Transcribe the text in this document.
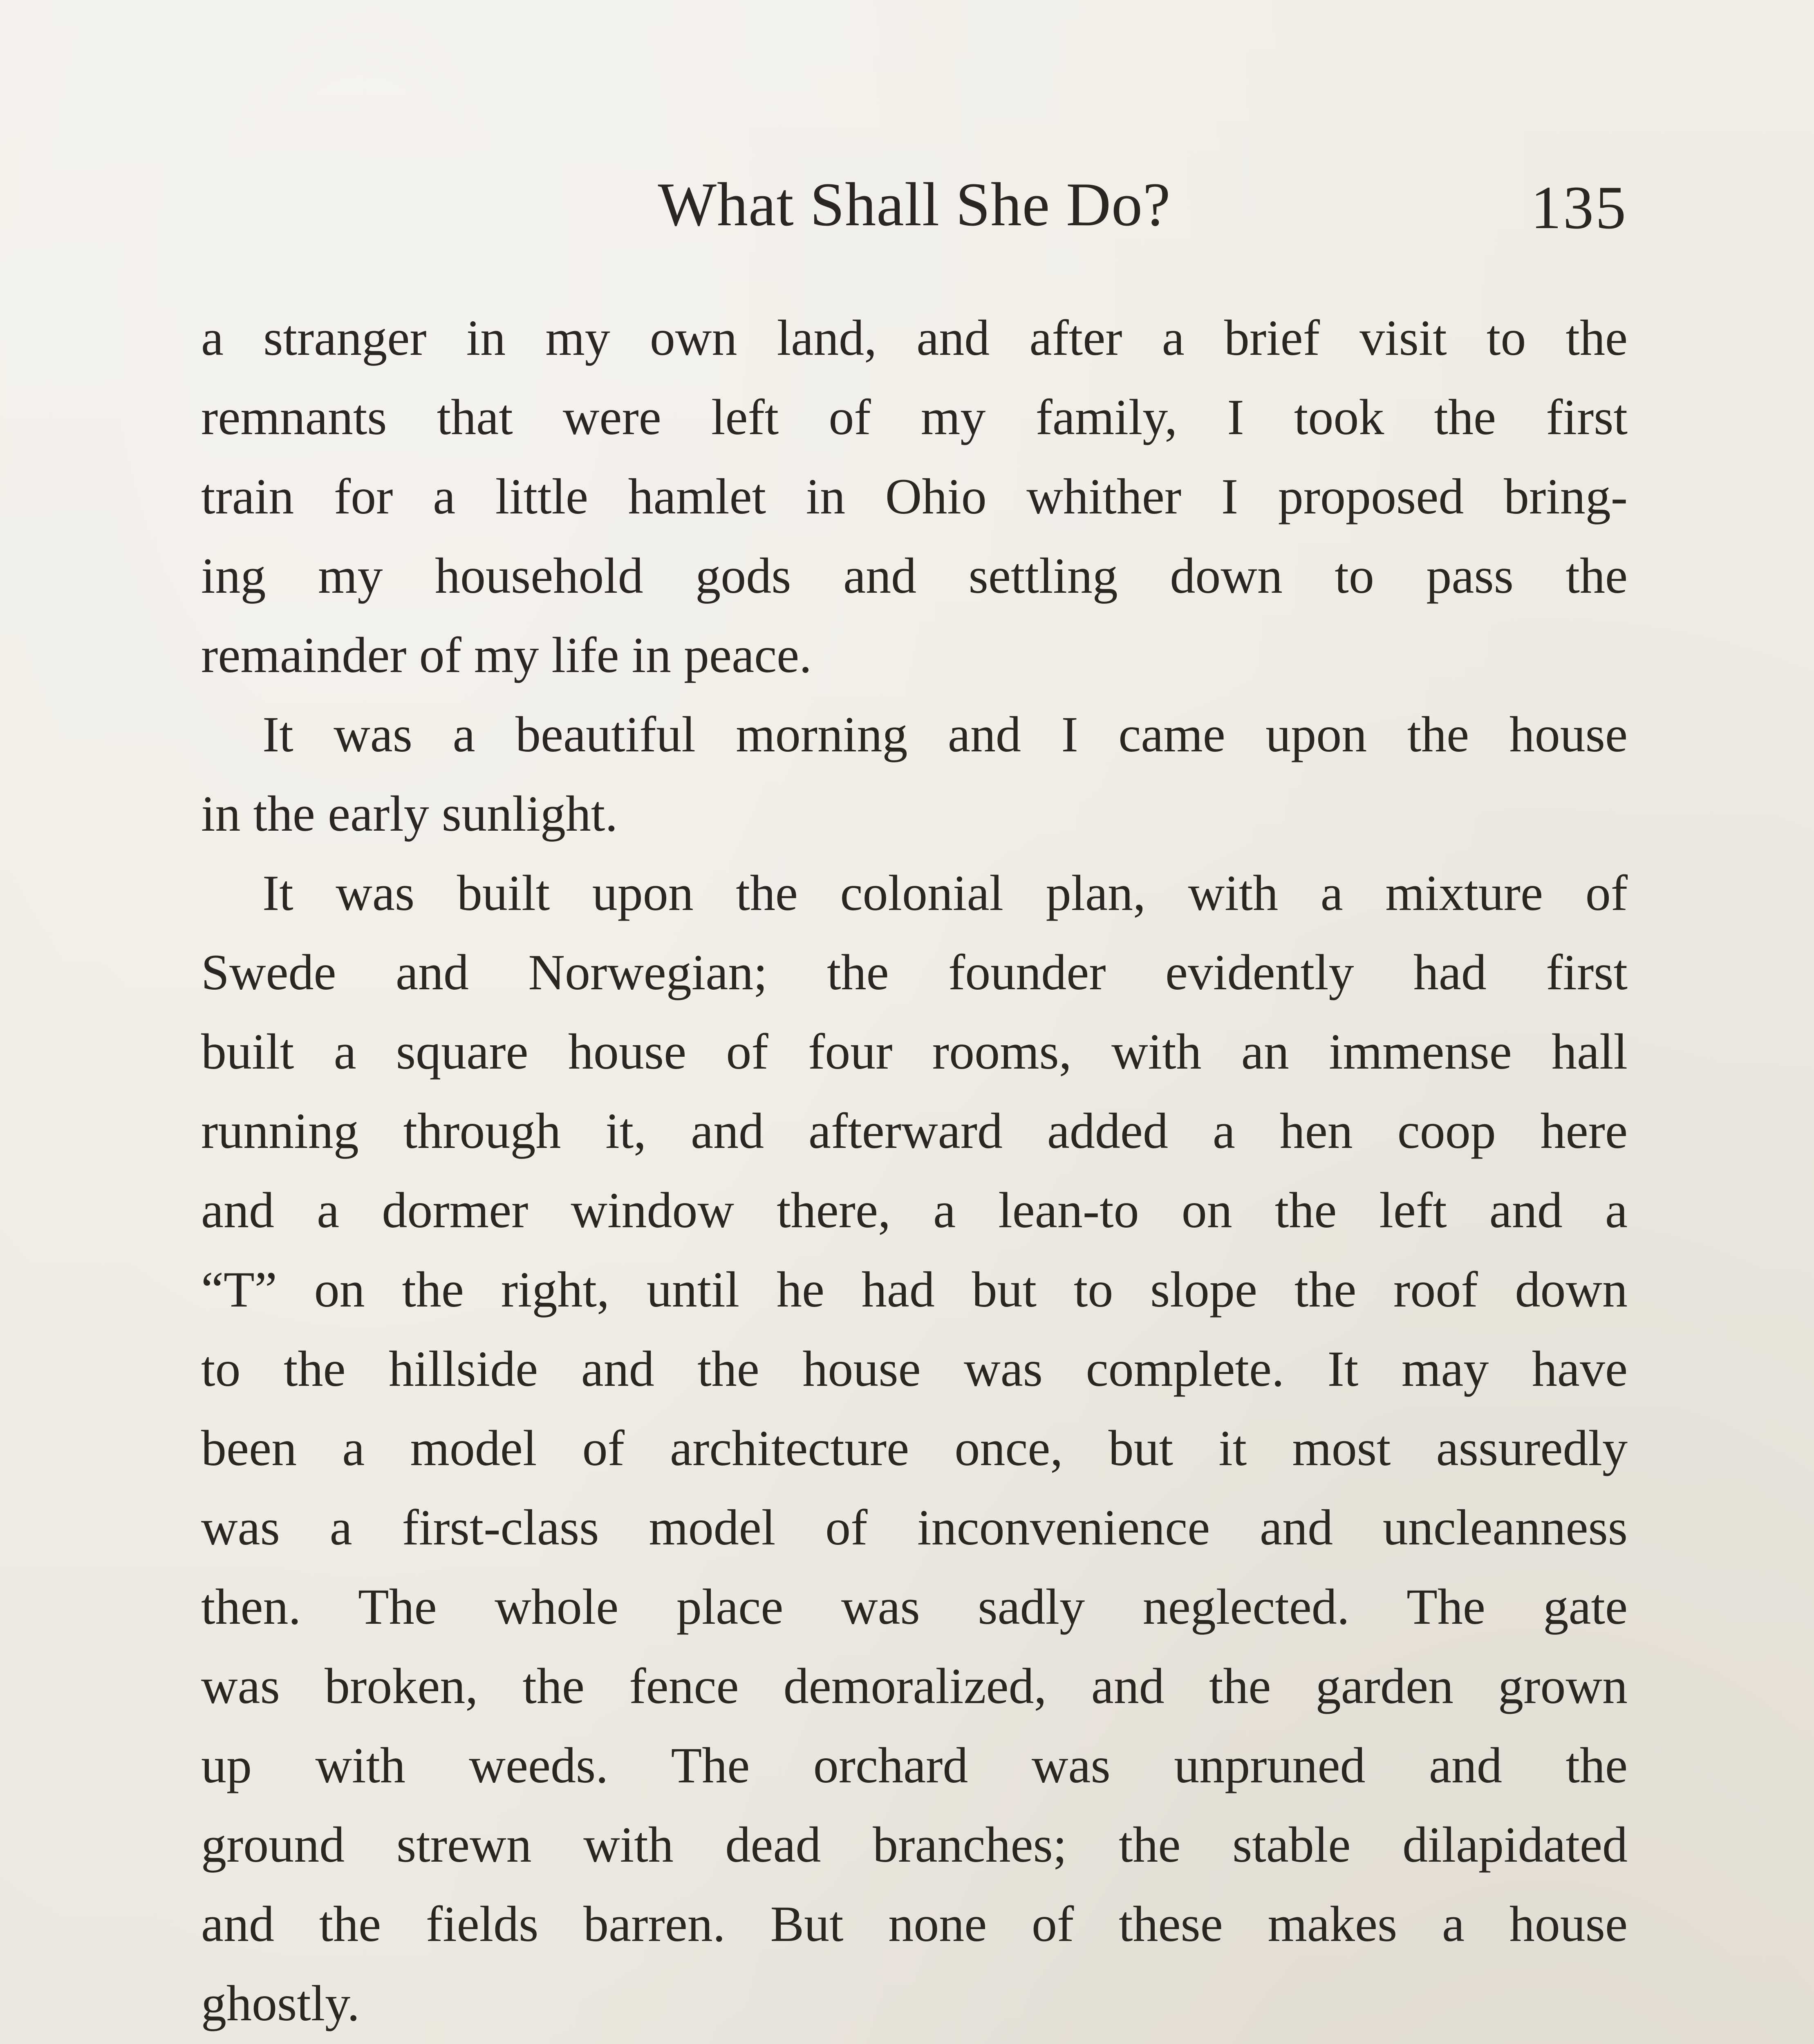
What Shall She Do?	135
a stranger in my own land, and after a brief visit to the
remnants that were left of my family, I took the first
train for a little hamlet in Ohio whither I proposed bring-
ing my household gods and settling down to pass the
remainder of my life in peace.
It was a beautiful morning and I came upon the house
in the early sunlight.
It was built upon the colonial plan, with a mixture of
Swede and Norwegian; the founder evidently had first
built a square house of four rooms, with an immense hall
running through it, and afterward added a hen coop here
and a dormer window there, a lean-to on the left and a
“T” on the right, until he had but to slope the roof down
to the hillside and the house was complete. It may have
been a model of architecture once, but it most assuredly
was a first-class model of inconvenience and uncleanness
then. The whole place was sadly neglected. The gate
was broken, the fence demoralized, and the garden grown
up with weeds. The orchard was unpruned and the
ground strewn with dead branches; the stable dilapidated
and the fields barren. But none of these makes a house
ghostly.
